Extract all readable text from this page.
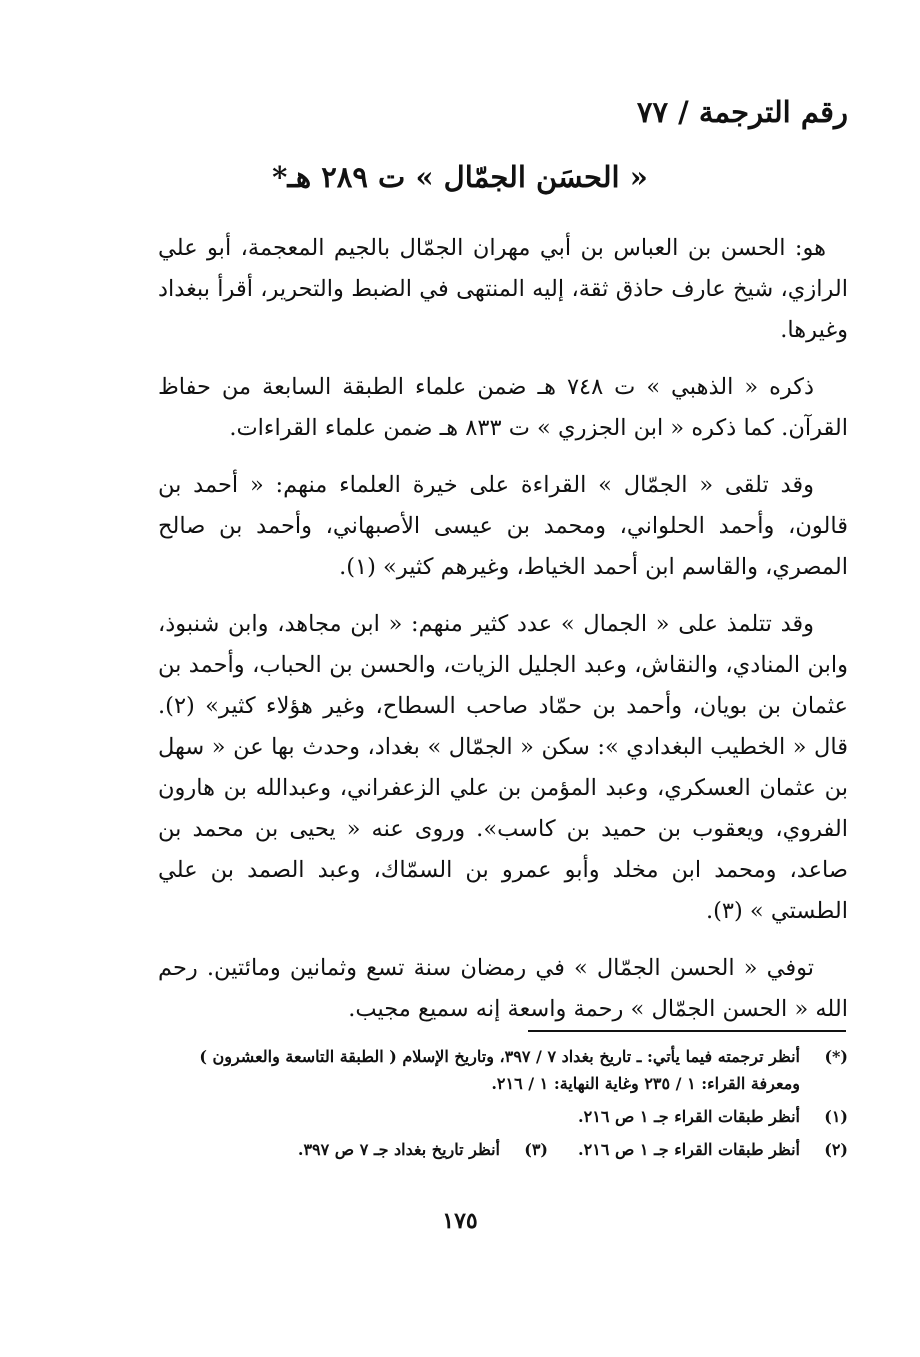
رقم الترجمة / ٧٧
« الحسَن الجمّال » ت ٢٨٩ هـ*

هو: الحسن بن العباس بن أبي مهران الجمّال بالجيم المعجمة، أبو علي الرازي، شيخ عارف حاذق ثقة، إليه المنتهى في الضبط والتحرير، أقرأ ببغداد وغيرها.

ذكره « الذهبي » ت ٧٤٨ هـ ضمن علماء الطبقة السابعة من حفاظ القرآن. كما ذكره « ابن الجزري » ت ٨٣٣ هـ ضمن علماء القراءات.

وقد تلقى « الجمّال » القراءة على خيرة العلماء منهم: « أحمد بن قالون، وأحمد الحلواني، ومحمد بن عيسى الأصبهاني، وأحمد بن صالح المصري، والقاسم ابن أحمد الخياط، وغيرهم كثير» (١).

وقد تتلمذ على « الجمال » عدد كثير منهم: « ابن مجاهد، وابن شنبوذ، وابن المنادي، والنقاش، وعبد الجليل الزيات، والحسن بن الحباب، وأحمد بن عثمان بن بويان، وأحمد بن حمّاد صاحب السطاح، وغير هؤلاء كثير» (٢). قال « الخطيب البغدادي »: سكن « الجمّال » بغداد، وحدث بها عن « سهل بن عثمان العسكري، وعبد المؤمن بن علي الزعفراني، وعبدالله بن هارون الفروي، ويعقوب بن حميد بن كاسب». وروى عنه « يحيى بن محمد بن صاعد، ومحمد ابن مخلد وأبو عمرو بن السمّاك، وعبد الصمد بن علي الطستي » (٣).

توفي « الحسن الجمّال » في رمضان سنة تسع وثمانين ومائتين. رحم الله « الحسن الجمّال » رحمة واسعة إنه سميع مجيب.

(*)
أنظر ترجمته فيما يأتي: ـ تاريخ بغداد ٧ / ٣٩٧، وتاريخ الإسلام ( الطبقة التاسعة والعشرون ) ومعرفة القراء: ١ / ٢٣٥ وغاية النهاية: ١ / ٢١٦.
(١)
أنظر طبقات القراء جـ ١ ص ٢١٦.
(٢)
أنظر طبقات القراء جـ ١ ص ٢١٦.
(٣)
أنظر تاريخ بغداد جـ ٧ ص ٣٩٧.
١٧٥
